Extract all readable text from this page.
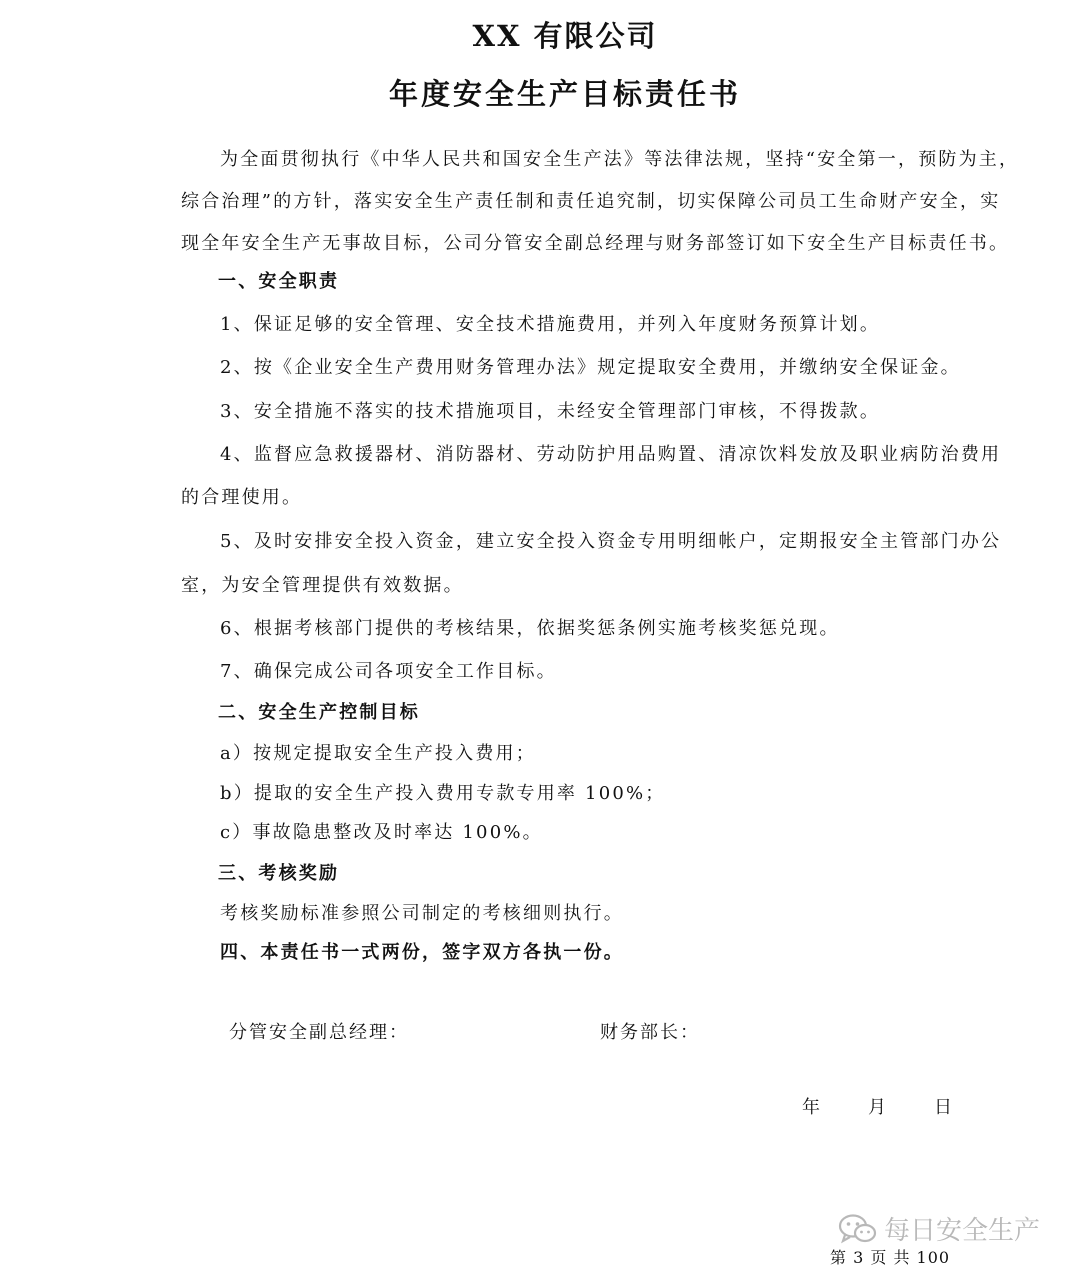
XX 有限公司
年度安全生产目标责任书
为全面贯彻执行《中华人民共和国安全生产法》等法律法规，坚持“安全第一，预防为主，
综合治理”的方针，落实安全生产责任制和责任追究制，切实保障公司员工生命财产安全，实
现全年安全生产无事故目标，公司分管安全副总经理与财务部签订如下安全生产目标责任书。
一、安全职责
1、保证足够的安全管理、安全技术措施费用，并列入年度财务预算计划。
2、按《企业安全生产费用财务管理办法》规定提取安全费用，并缴纳安全保证金。
3、安全措施不落实的技术措施项目，未经安全管理部门审核，不得拨款。
4、监督应急救援器材、消防器材、劳动防护用品购置、清凉饮料发放及职业病防治费用
的合理使用。
5、及时安排安全投入资金，建立安全投入资金专用明细帐户，定期报安全主管部门办公
室，为安全管理提供有效数据。
6、根据考核部门提供的考核结果，依据奖惩条例实施考核奖惩兑现。
7、确保完成公司各项安全工作目标。
二、安全生产控制目标
a）按规定提取安全生产投入费用；
b）提取的安全生产投入费用专款专用率 100%；
c）事故隐患整改及时率达 100%。
三、考核奖励
考核奖励标准参照公司制定的考核细则执行。
四、本责任书一式两份，签字双方各执一份。
分管安全副总经理：	财务部长：
年	月	日
每日安全生产
第 3 页 共 100
